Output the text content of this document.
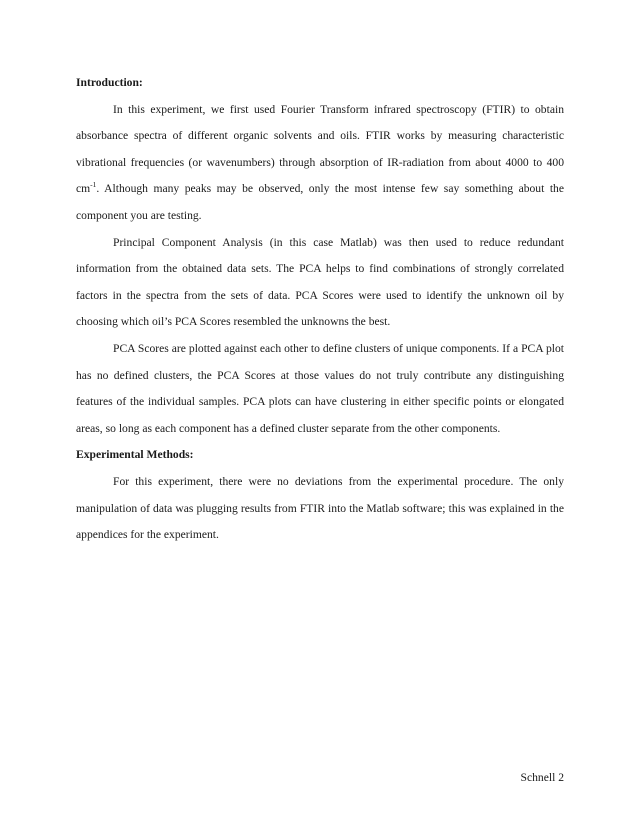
Introduction:

In this experiment, we first used Fourier Transform infrared spectroscopy (FTIR) to obtain absorbance spectra of different organic solvents and oils. FTIR works by measuring characteristic vibrational frequencies (or wavenumbers) through absorption of IR-radiation from about 4000 to 400 $cm^{-1}$. Although many peaks may be observed, only the most intense few say something about the component you are testing.

Principal Component Analysis (in this case Matlab) was then used to reduce redundant information from the obtained data sets. The PCA helps to find combinations of strongly correlated factors in the spectra from the sets of data. PCA Scores were used to identify the unknown oil by choosing which oil’s PCA Scores resembled the unknowns the best.

PCA Scores are plotted against each other to define clusters of unique components. If a PCA plot has no defined clusters, the PCA Scores at those values do not truly contribute any distinguishing features of the individual samples. PCA plots can have clustering in either specific points or elongated areas, so long as each component has a defined cluster separate from the other components.

Experimental Methods:

For this experiment, there were no deviations from the experimental procedure. The only manipulation of data was plugging results from FTIR into the Matlab software; this was explained in the appendices for the experiment.

Schnell 2
